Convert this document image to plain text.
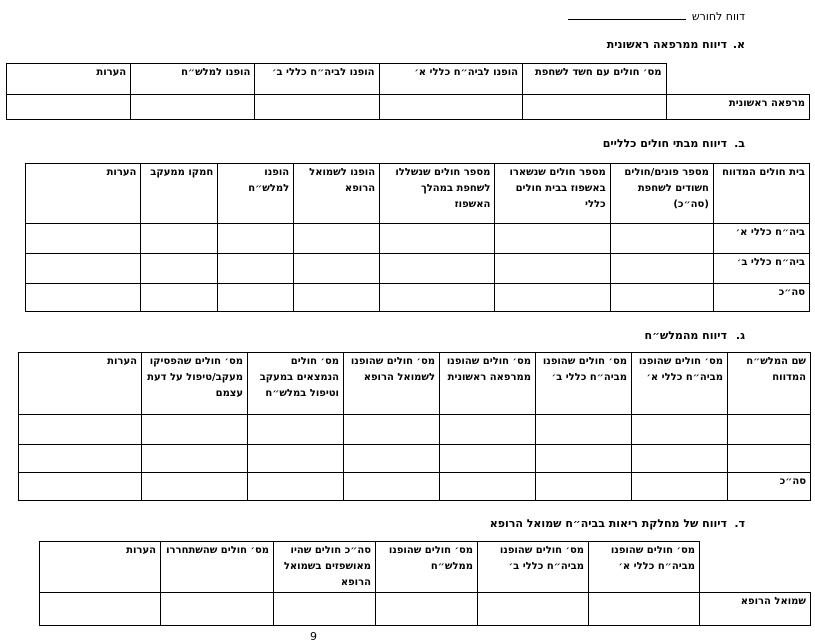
דווח לחורש
א.דיווח ממרפאה ראשונית
	מס׳ חולים עם חשד לשחפת	הופנו לביה״ח כללי א׳	הופנו לביה״ח כללי ב׳	הופנו למלש״ח	הערות
מרפאה ראשונית					
ב.דיווח מבתי חולים כלליים
בית חולים המדווח	מספר פונים/חולים חשודים לשחפת (סה״כ)	מספר חולים שנשארו באשפוז בבית חולים כללי	מספר חולים שנשללו לשחפת במהלך האשפוז	הופנו לשמואל הרופא	הופנו למלש״ח	חמקו ממעקב	הערות
ביה״ח כללי א׳							
ביה״ח כללי ב׳							
סה״כ							
ג.דיווח מהמלש״ח
שם המלש״ח המדווח	מס׳ חולים שהופנו מביה״ח כללי א׳	מס׳ חולים שהופנו מביה״ח כללי ב׳	מס׳ חולים שהופנו ממרפאה ראשונית	מס׳ חולים שהופנו לשמואל הרופא	מס׳ חולים הנמצאים במעקב וטיפול במלש״ח	מס׳ חולים שהפסיקו מעקב/טיפול על דעת עצמם	הערות

סה״כ							
ד.דיווח של מחלקת ריאות בביה״ח שמואל הרופא
	מס׳ חולים שהופנו מביה״ח כללי א׳	מס׳ חולים שהופנו מביה״ח כללי ב׳	מס׳ חולים שהופנו ממלש״ח	סה״כ חולים שהיו מאושפזים בשמואל הרופא	מס׳ חולים שהשתחררו	הערות
שמואל הרופא						
9
